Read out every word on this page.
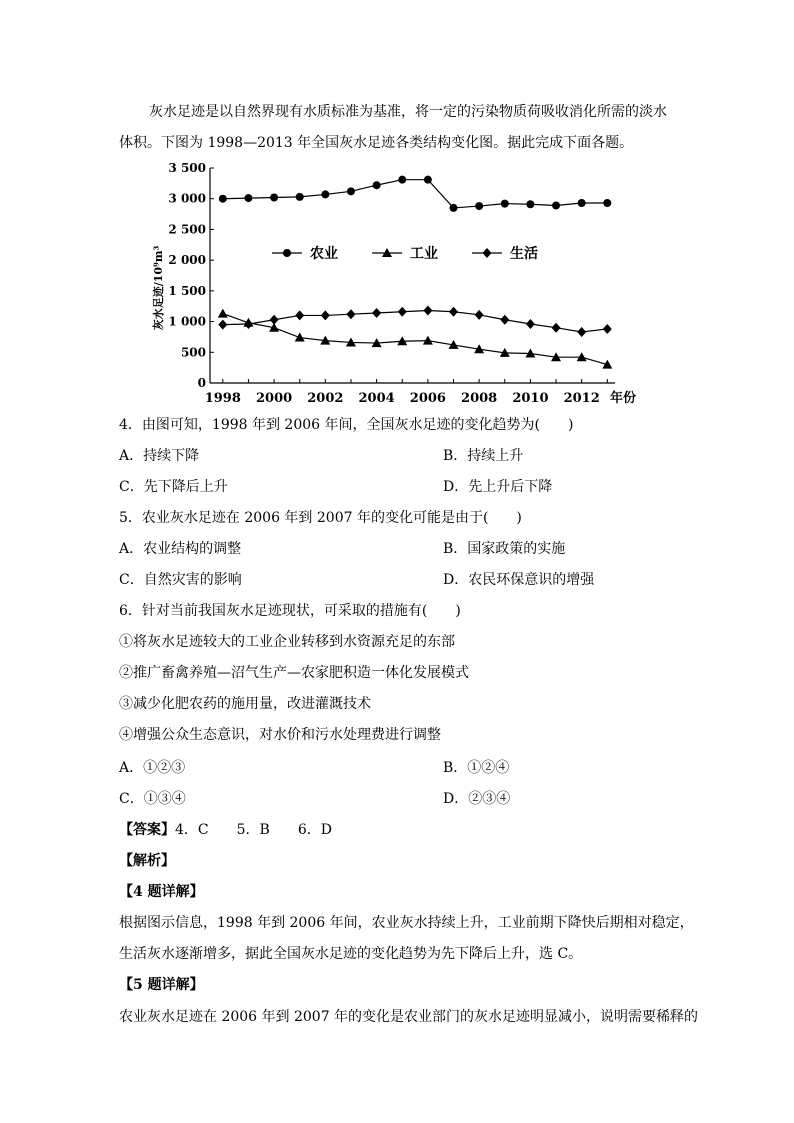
灰水足迹是以自然界现有水质标准为基准，将一定的污染物质荷吸收消化所需的淡水
体积。下图为 1998—2013 年全国灰水足迹各类结构变化图。据此完成下面各题。
0
500
1 000
1 500
2 000
2 500
3 000
3 500
1998 2000 2002 2004 2006 2008 2010 2012 年份
农业	工业	生活
灰水足迹/10⁹m³
4．由图可知，1998 年到 2006 年间，全国灰水足迹的变化趋势为(　　)
A．持续下降	B．持续上升
C．先下降后上升	D．先上升后下降
5．农业灰水足迹在 2006 年到 2007 年的变化可能是由于(　　)
A．农业结构的调整	B．国家政策的实施
C．自然灾害的影响	D．农民环保意识的增强
6．针对当前我国灰水足迹现状，可采取的措施有(　　)
①将灰水足迹较大的工业企业转移到水资源充足的东部
②推广畜禽养殖—沼气生产—农家肥积造一体化发展模式
③减少化肥农药的施用量，改进灌溉技术
④增强公众生态意识，对水价和污水处理费进行调整
A．①②③	B．①②④
C．①③④	D．②③④
【答案】4．C　　5．B　　6．D
【解析】
【4 题详解】
根据图示信息，1998 年到 2006 年间，农业灰水持续上升，工业前期下降快后期相对稳定，
生活灰水逐渐增多，据此全国灰水足迹的变化趋势为先下降后上升，选 C。
【5 题详解】
农业灰水足迹在 2006 年到 2007 年的变化是农业部门的灰水足迹明显减小，说明需要稀释的
